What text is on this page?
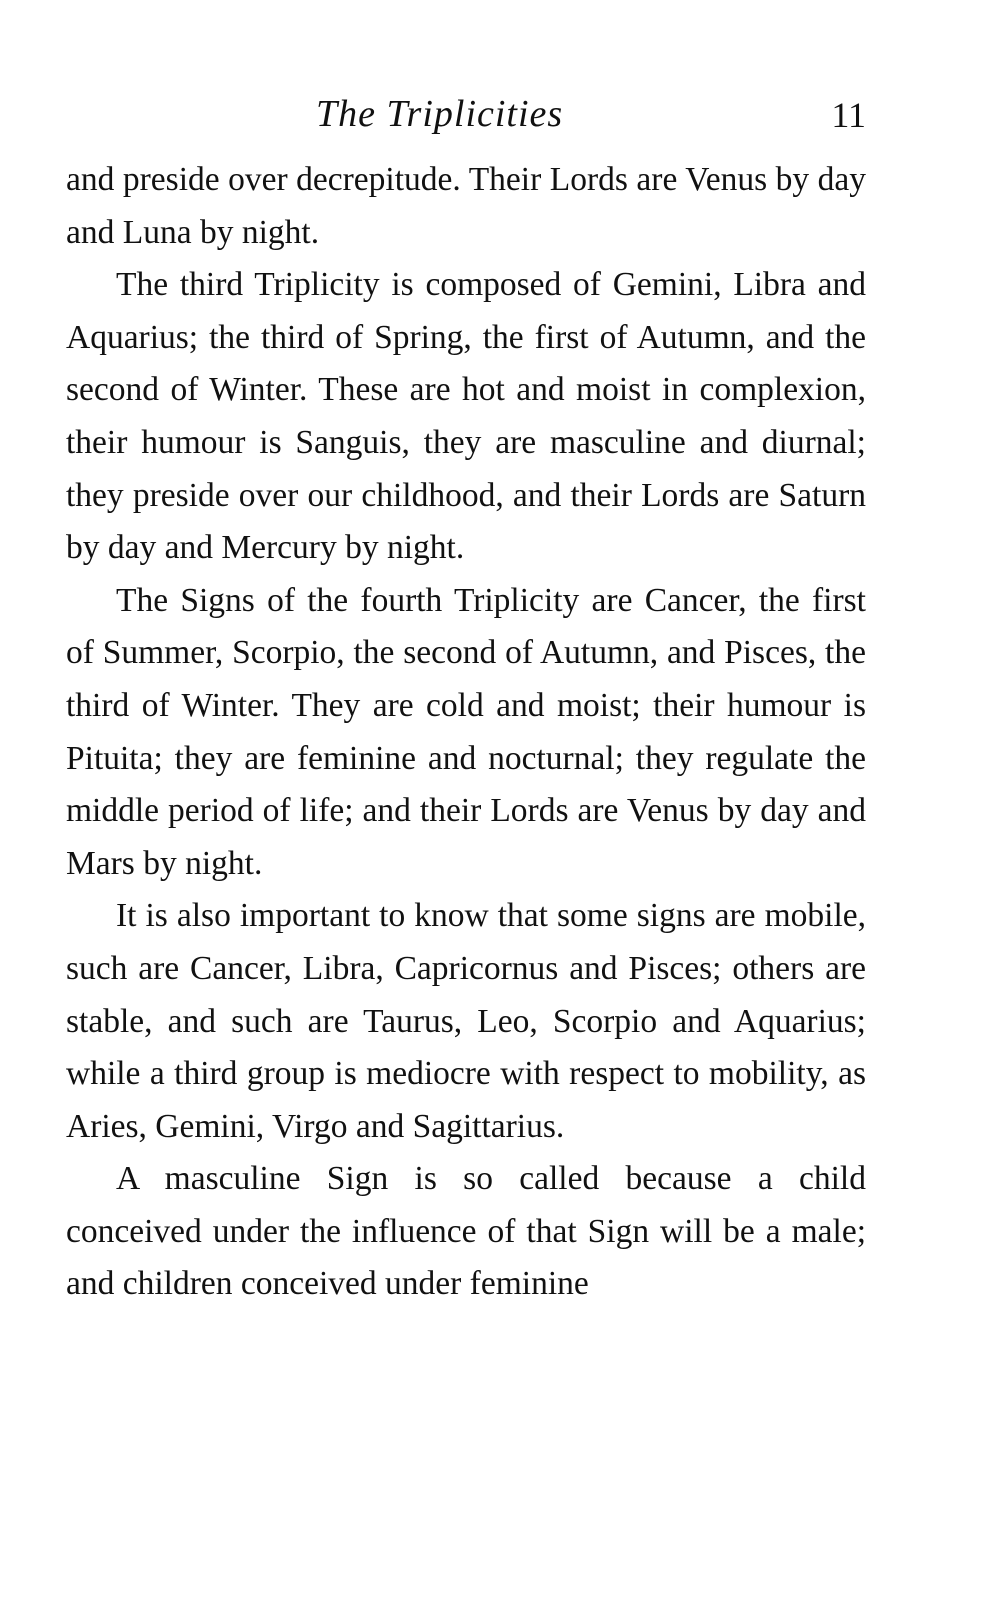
The Triplicities	11

and preside over decrepitude. Their Lords are Venus by day and Luna by night.

The third Triplicity is composed of Gemini, Libra and Aquarius; the third of Spring, the first of Autumn, and the second of Winter. These are hot and moist in complexion, their humour is Sanguis, they are masculine and diurnal; they preside over our childhood, and their Lords are Saturn by day and Mercury by night.

The Signs of the fourth Triplicity are Cancer, the first of Summer, Scorpio, the second of Autumn, and Pisces, the third of Winter. They are cold and moist; their humour is Pituita; they are feminine and nocturnal; they regulate the middle period of life; and their Lords are Venus by day and Mars by night.

It is also important to know that some signs are mobile, such are Cancer, Libra, Capricornus and Pisces; others are stable, and such are Taurus, Leo, Scorpio and Aquarius; while a third group is mediocre with respect to mobility, as Aries, Gemini, Virgo and Sagittarius.

A masculine Sign is so called because a child conceived under the influence of that Sign will be a male; and children conceived under feminine
